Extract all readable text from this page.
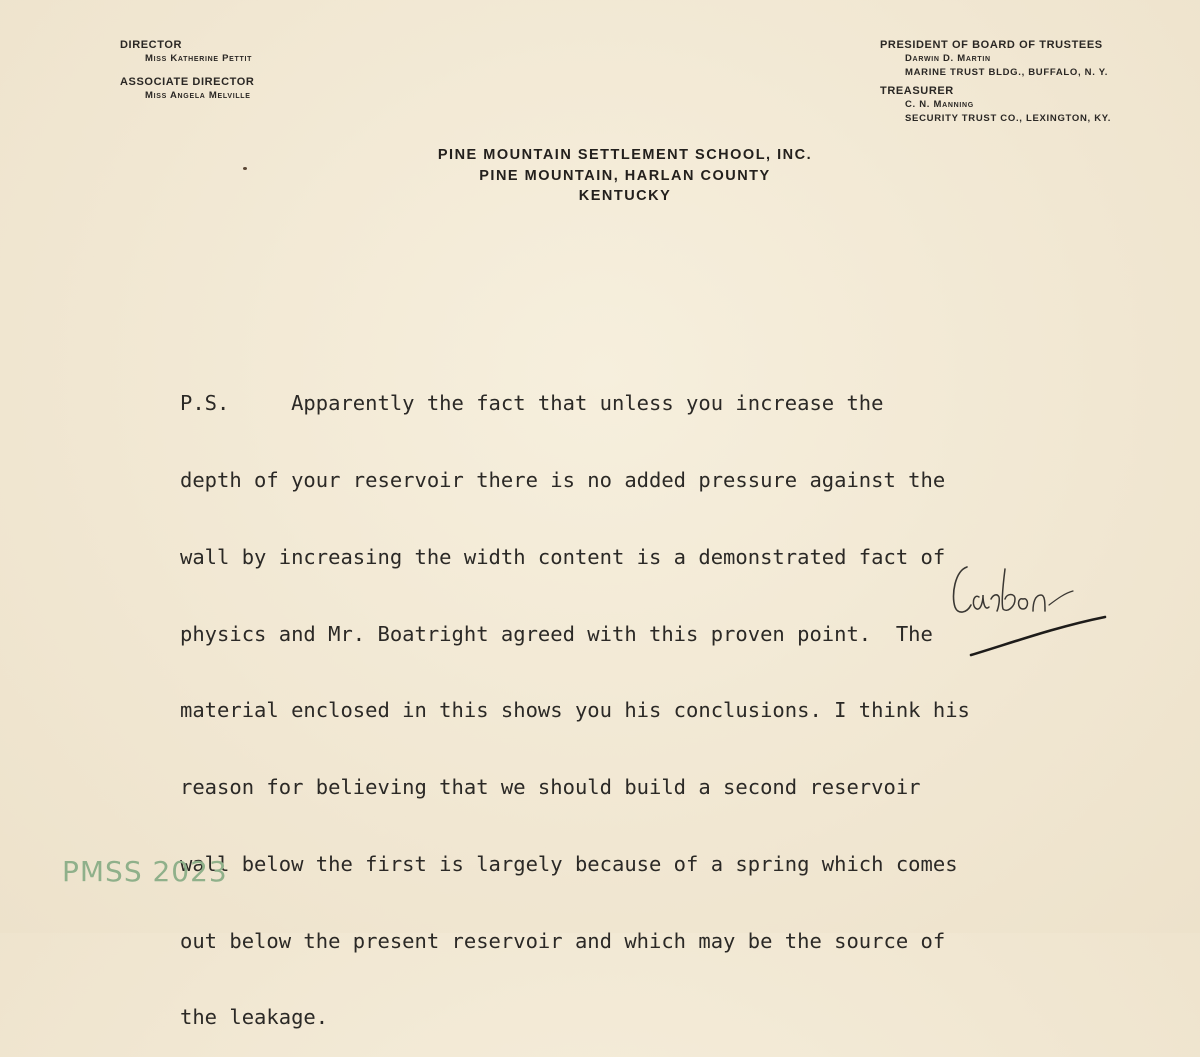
DIRECTOR
Miss Katherine Pettit
ASSOCIATE DIRECTOR
Miss Angela Melville
PRESIDENT OF BOARD OF TRUSTEES
Darwin D. Martin
MARINE TRUST BLDG., BUFFALO, N. Y.
TREASURER
C. N. Manning
SECURITY TRUST CO., LEXINGTON, KY.
PINE MOUNTAIN SETTLEMENT SCHOOL, INC.
PINE MOUNTAIN, HARLAN COUNTY
KENTUCKY

P.S.     Apparently the fact that unless you increase the

depth of your reservoir there is no added pressure against the

wall by increasing the width content is a demonstrated fact of

physics and Mr. Boatright agreed with this proven point.  The

material enclosed in this shows you his conclusions. I think his

reason for believing that we should build a second reservoir

wall below the first is largely because of a spring which comes

out below the present reservoir and which may be the source of

the leakage.

PMSS 2023
